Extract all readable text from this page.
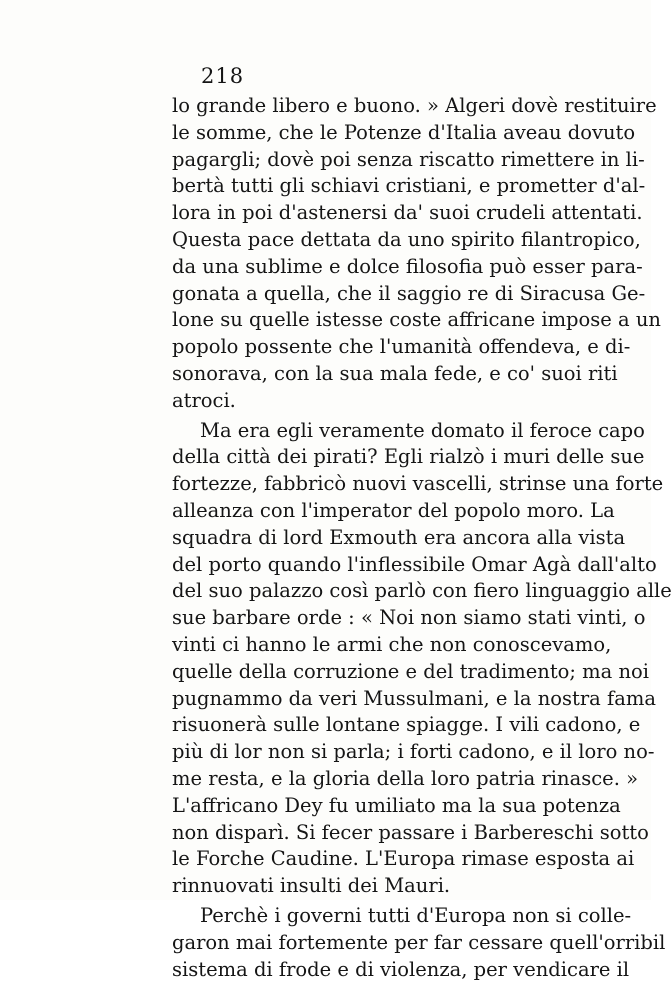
218
lo grande libero e buono. » Algeri dovè restituire
le somme, che le Potenze d'Italia aveau dovuto
pagargli; dovè poi senza riscatto rimettere in li-
bertà tutti gli schiavi cristiani, e prometter d'al-
lora in poi d'astenersi da' suoi crudeli attentati.
Questa pace dettata da uno spirito filantropico,
da una sublime e dolce filosofia può esser para-
gonata a quella, che il saggio re di Siracusa Ge-
lone su quelle istesse coste affricane impose a un
popolo possente che l'umanità offendeva, e di-
sonorava, con la sua mala fede, e co' suoi riti
atroci.
Ma era egli veramente domato il feroce capo
della città dei pirati? Egli rialzò i muri delle sue
fortezze, fabbricò nuovi vascelli, strinse una forte
alleanza con l'imperator del popolo moro. La
squadra di lord Exmouth era ancora alla vista
del porto quando l'inflessibile Omar Agà dall'alto
del suo palazzo così parlò con fiero linguaggio alle
sue barbare orde : « Noi non siamo stati vinti, o
vinti ci hanno le armi che non conoscevamo,
quelle della corruzione e del tradimento; ma noi
pugnammo da veri Mussulmani, e la nostra fama
risuonerà sulle lontane spiagge. I vili cadono, e
più di lor non si parla; i forti cadono, e il loro no-
me resta, e la gloria della loro patria rinasce. »
L'affricano Dey fu umiliato ma la sua potenza
non disparì. Si fecer passare i Barbereschi sotto
le Forche Caudine. L'Europa rimase esposta ai
rinnuovati insulti dei Mauri.
Perchè i governi tutti d'Europa non si colle-
garon mai fortemente per far cessare quell'orribil
sistema di frode e di violenza, per vendicare il
